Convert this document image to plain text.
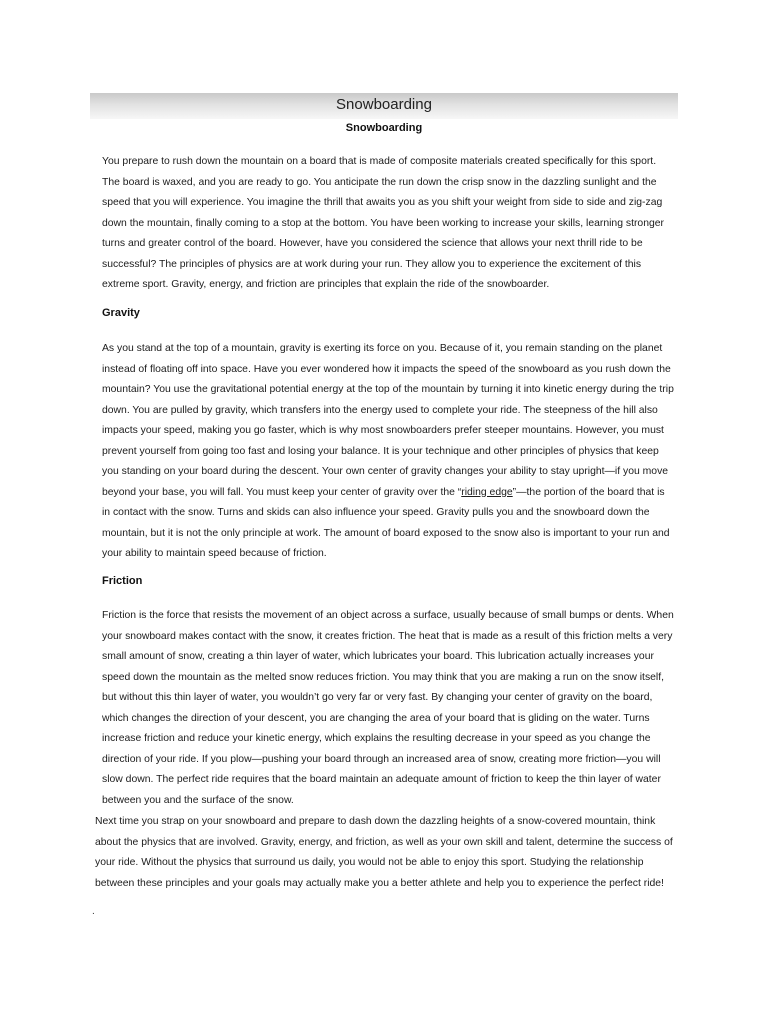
Snowboarding
Snowboarding

You prepare to rush down the mountain on a board that is made of composite materials created specifically for this sport. The board is waxed, and you are ready to go. You anticipate the run down the crisp snow in the dazzling sunlight and the speed that you will experience. You imagine the thrill that awaits you as you shift your weight from side to side and zig-zag down the mountain, finally coming to a stop at the bottom. You have been working to increase your skills, learning stronger turns and greater control of the board. However, have you considered the science that allows your next thrill ride to be successful? The principles of physics are at work during your run. They allow you to experience the excitement of this extreme sport. Gravity, energy, and friction are principles that explain the ride of the snowboarder.

Gravity

As you stand at the top of a mountain, gravity is exerting its force on you. Because of it, you remain standing on the planet instead of floating off into space. Have you ever wondered how it impacts the speed of the snowboard as you rush down the mountain? You use the gravitational potential energy at the top of the mountain by turning it into kinetic energy during the trip down. You are pulled by gravity, which transfers into the energy used to complete your ride. The steepness of the hill also impacts your speed, making you go faster, which is why most snowboarders prefer steeper mountains. However, you must prevent yourself from going too fast and losing your balance. It is your technique and other principles of physics that keep you standing on your board during the descent. Your own center of gravity changes your ability to stay upright—if you move beyond your base, you will fall. You must keep your center of gravity over the “riding edge”—the portion of the board that is in contact with the snow. Turns and skids can also influence your speed. Gravity pulls you and the snowboard down the mountain, but it is not the only principle at work. The amount of board exposed to the snow also is important to your run and your ability to maintain speed because of friction.

Friction

Friction is the force that resists the movement of an object across a surface, usually because of small bumps or dents. When your snowboard makes contact with the snow, it creates friction. The heat that is made as a result of this friction melts a very small amount of snow, creating a thin layer of water, which lubricates your board. This lubrication actually increases your speed down the mountain as the melted snow reduces friction. You may think that you are making a run on the snow itself, but without this thin layer of water, you wouldn’t go very far or very fast. By changing your center of gravity on the board, which changes the direction of your descent, you are changing the area of your board that is gliding on the water. Turns increase friction and reduce your kinetic energy, which explains the resulting decrease in your speed as you change the direction of your ride. If you plow—pushing your board through an increased area of snow, creating more friction—you will slow down. The perfect ride requires that the board maintain an adequate amount of friction to keep the thin layer of water between you and the surface of the snow.

Next time you strap on your snowboard and prepare to dash down the dazzling heights of a snow-covered mountain, think about the physics that are involved. Gravity, energy, and friction, as well as your own skill and talent, determine the success of your ride. Without the physics that surround us daily, you would not be able to enjoy this sport. Studying the relationship between these principles and your goals may actually make you a better athlete and help you to experience the perfect ride!

.
